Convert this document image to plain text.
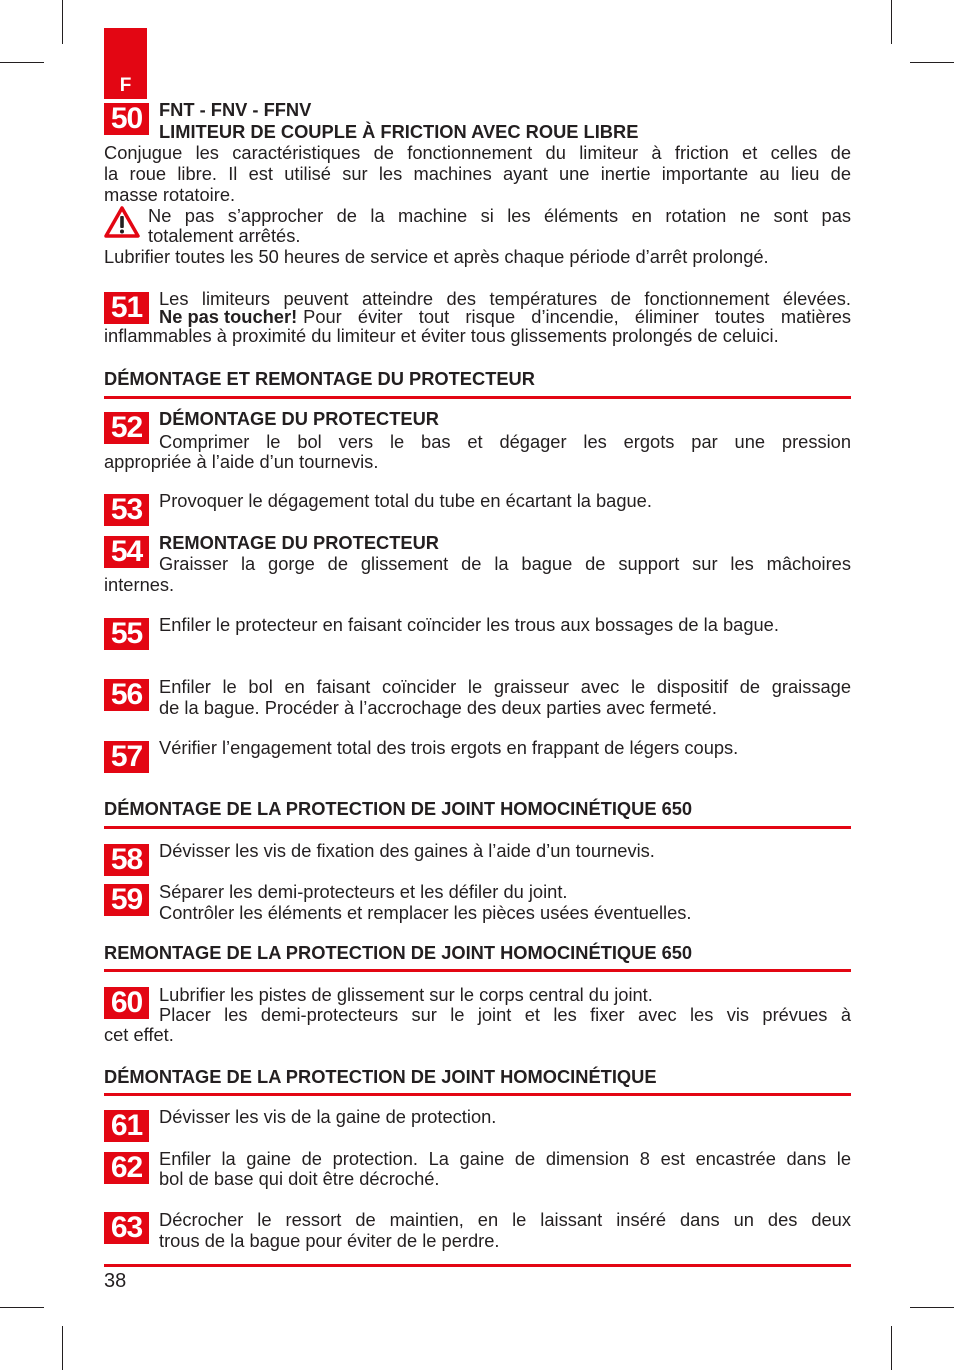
F
50 FNT - FNV - FFNV
LIMITEUR DE COUPLE À FRICTION AVEC ROUE LIBRE
Conjugue les caractéristiques de fonctionnement du limiteur à friction et celles de
la roue libre. Il est utilisé sur les machines ayant une inertie importante au lieu de
masse rotatoire.
Ne pas s’approcher de la machine si les éléments en rotation ne sont pas
totalement arrêtés.
Lubrifier toutes les 50 heures de service et après chaque période d’arrêt prolongé.
51 Les limiteurs peuvent atteindre des températures de fonctionnement élevées.
Ne pas toucher! Pour éviter tout risque d’incendie, éliminer toutes matières
inflammables à proximité du limiteur et éviter tous glissements prolongés de celuici.
DÉMONTAGE ET REMONTAGE DU PROTECTEUR
52 DÉMONTAGE DU PROTECTEUR
Comprimer le bol vers le bas et dégager les ergots par une pression
appropriée à l’aide d’un tournevis.
53 Provoquer le dégagement total du tube en écartant la bague.
54 REMONTAGE DU PROTECTEUR
Graisser la gorge de glissement de la bague de support sur les mâchoires
internes.
55 Enfiler le protecteur en faisant coïncider les trous aux bossages de la bague.
56 Enfiler le bol en faisant coïncider le graisseur avec le dispositif de graissage
de la bague. Procéder à l’accrochage des deux parties avec fermeté.
57 Vérifier l’engagement total des trois ergots en frappant de légers coups.
DÉMONTAGE DE LA PROTECTION DE JOINT HOMOCINÉTIQUE 650
58 Dévisser les vis de fixation des gaines à l’aide d’un tournevis.
59 Séparer les demi-protecteurs et les défiler du joint.
Contrôler les éléments et remplacer les pièces usées éventuelles.
REMONTAGE DE LA PROTECTION DE JOINT HOMOCINÉTIQUE 650
60 Lubrifier les pistes de glissement sur le corps central du joint.
Placer les demi-protecteurs sur le joint et les fixer avec les vis prévues à
cet effet.
DÉMONTAGE DE LA PROTECTION DE JOINT HOMOCINÉTIQUE
61 Dévisser les vis de la gaine de protection.
62 Enfiler la gaine de protection. La gaine de dimension 8 est encastrée dans le
bol de base qui doit être décroché.
63 Décrocher le ressort de maintien, en le laissant inséré dans un des deux
trous de la bague pour éviter de le perdre.
38
